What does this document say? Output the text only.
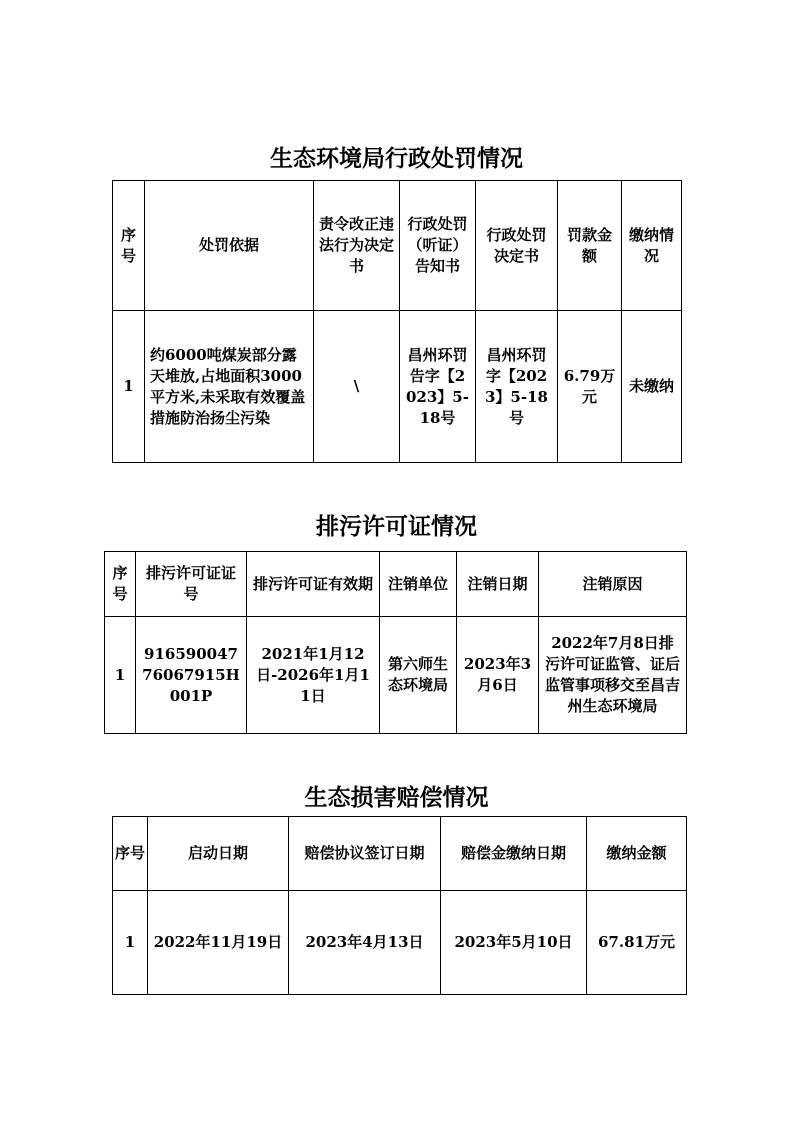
生态环境局行政处罚情况
序号	处罚依据	责令改正违法行为决定书	行政处罚（听证）告知书	行政处罚决定书	罚款金额	缴纳情况
1	约6000吨煤炭部分露天堆放,占地面积3000平方米,未采取有效覆盖措施防治扬尘污染	\	昌州环罚告字【2023】5-18号	昌州环罚字【2023】5-18号	6.79万元	未缴纳
排污许可证情况
序号	排污许可证证号	排污许可证有效期	注销单位	注销日期	注销原因
1	91659004776067915H001P	2021年1月12日-2026年1月11日	第六师生态环境局	2023年3月6日	2022年7月8日排污许可证监管、证后监管事项移交至昌吉州生态环境局
生态损害赔偿情况
序号	启动日期	赔偿协议签订日期	赔偿金缴纳日期	缴纳金额
1	2022年11月19日	2023年4月13日	2023年5月10日	67.81万元
